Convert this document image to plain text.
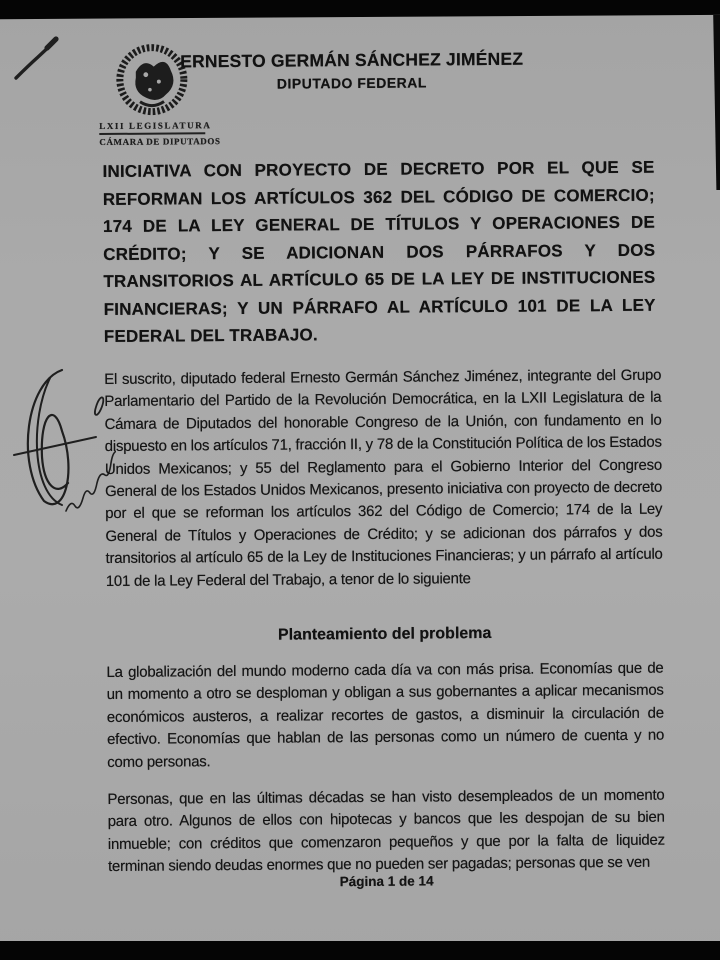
LXII LEGISLATURA
CÁMARA DE DIPUTADOS
ERNESTO GERMÁN SÁNCHEZ JIMÉNEZ
DIPUTADO FEDERAL
INICIATIVA CON PROYECTO DE DECRETO POR EL QUE SE
REFORMAN LOS ARTÍCULOS 362 DEL CÓDIGO DE COMERCIO;
174 DE LA LEY GENERAL DE TÍTULOS Y OPERACIONES DE
CRÉDITO; Y SE ADICIONAN DOS PÁRRAFOS Y DOS
TRANSITORIOS AL ARTÍCULO 65 DE LA LEY DE INSTITUCIONES
FINANCIERAS; Y UN PÁRRAFO AL ARTÍCULO 101 DE LA LEY
FEDERAL DEL TRABAJO.

El suscrito, diputado federal Ernesto Germán Sánchez Jiménez, integrante del Grupo Parlamentario del Partido de la Revolución Democrática, en la LXII Legislatura de la Cámara de Diputados del honorable Congreso de la Unión, con fundamento en lo dispuesto en los artículos 71, fracción II, y 78 de la Constitución Política de los Estados Unidos Mexicanos; y 55 del Reglamento para el Gobierno Interior del Congreso General de los Estados Unidos Mexicanos, presento iniciativa con proyecto de decreto por el que se reforman los artículos 362 del Código de Comercio; 174 de la Ley General de Títulos y Operaciones de Crédito; y se adicionan dos párrafos y dos transitorios al artículo 65 de la Ley de Instituciones Financieras; y un párrafo al artículo 101 de la Ley Federal del Trabajo, a tenor de lo siguiente

Planteamiento del problema

La globalización del mundo moderno cada día va con más prisa. Economías que de un momento a otro se desploman y obligan a sus gobernantes a aplicar mecanismos económicos austeros, a realizar recortes de gastos, a disminuir la circulación de efectivo. Economías que hablan de las personas como un número de cuenta y no como personas.

Personas, que en las últimas décadas se han visto desempleados de un momento para otro. Algunos de ellos con hipotecas y bancos que les despojan de su bien inmueble; con créditos que comenzaron pequeños y que por la falta de liquidez terminan siendo deudas enormes que no pueden ser pagadas; personas que se ven

Página 1 de 14
